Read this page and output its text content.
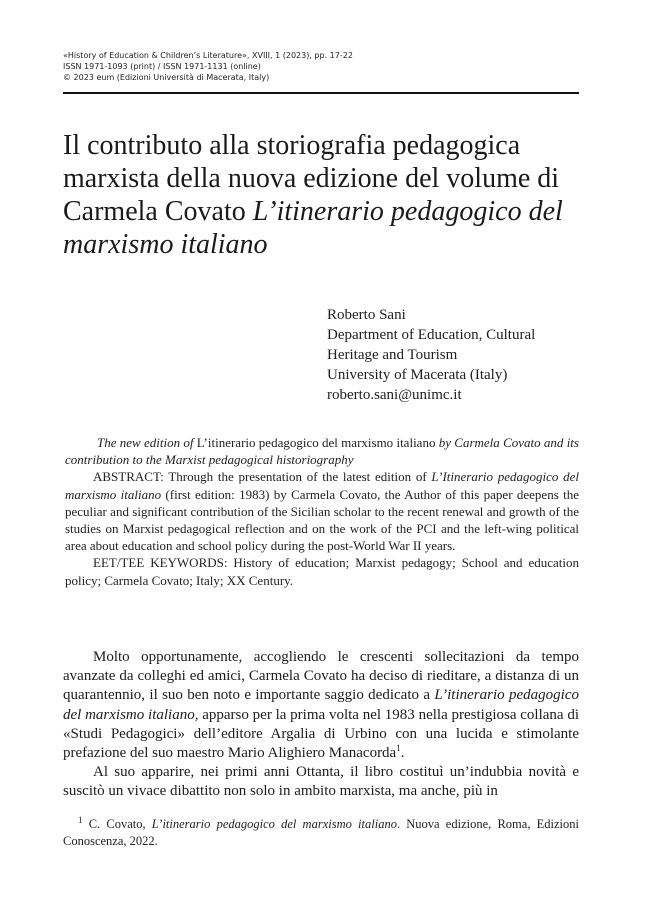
«History of Education & Children’s Literature», XVIII, 1 (2023), pp. 17-22
ISSN 1971-1093 (print) / ISSN 1971-1131 (online)
© 2023 eum (Edizioni Università di Macerata, Italy)
Il contributo alla storiografia pedagogica marxista della nuova edizione del volume di Carmela Covato L’itinerario pedagogico del marxismo italiano
Roberto Sani
Department of Education, Cultural
Heritage and Tourism
University of Macerata (Italy)
roberto.sani@unimc.it

The new edition of L’itinerario pedagogico del marxismo italiano by Carmela Covato and its contribution to the Marxist pedagogical historiography

ABSTRACT: Through the presentation of the latest edition of L’Itinerario pedagogico del marxismo italiano (first edition: 1983) by Carmela Covato, the Author of this paper deepens the peculiar and significant contribution of the Sicilian scholar to the recent renewal and growth of the studies on Marxist pedagogical reflection and on the work of the PCI and the left-wing political area about education and school policy during the post-World War II years.

EET/TEE KEYWORDS: History of education; Marxist pedagogy; School and education policy; Carmela Covato; Italy; XX Century.

Molto opportunamente, accogliendo le crescenti sollecitazioni da tempo avanzate da colleghi ed amici, Carmela Covato ha deciso di rieditare, a distanza di un quarantennio, il suo ben noto e importante saggio dedicato a L’itinerario pedagogico del marxismo italiano, apparso per la prima volta nel 1983 nella prestigiosa collana di «Studi Pedagogici» dell’editore Argalia di Urbino con una lucida e stimolante prefazione del suo maestro Mario Alighiero Manacorda$^1$.

Al suo apparire, nei primi anni Ottanta, il libro costituì un’indubbia novità e suscitò un vivace dibattito non solo in ambito marxista, ma anche, più in

$^1$ C. Covato, L’itinerario pedagogico del marxismo italiano. Nuova edizione, Roma, Edizioni Conoscenza, 2022.
